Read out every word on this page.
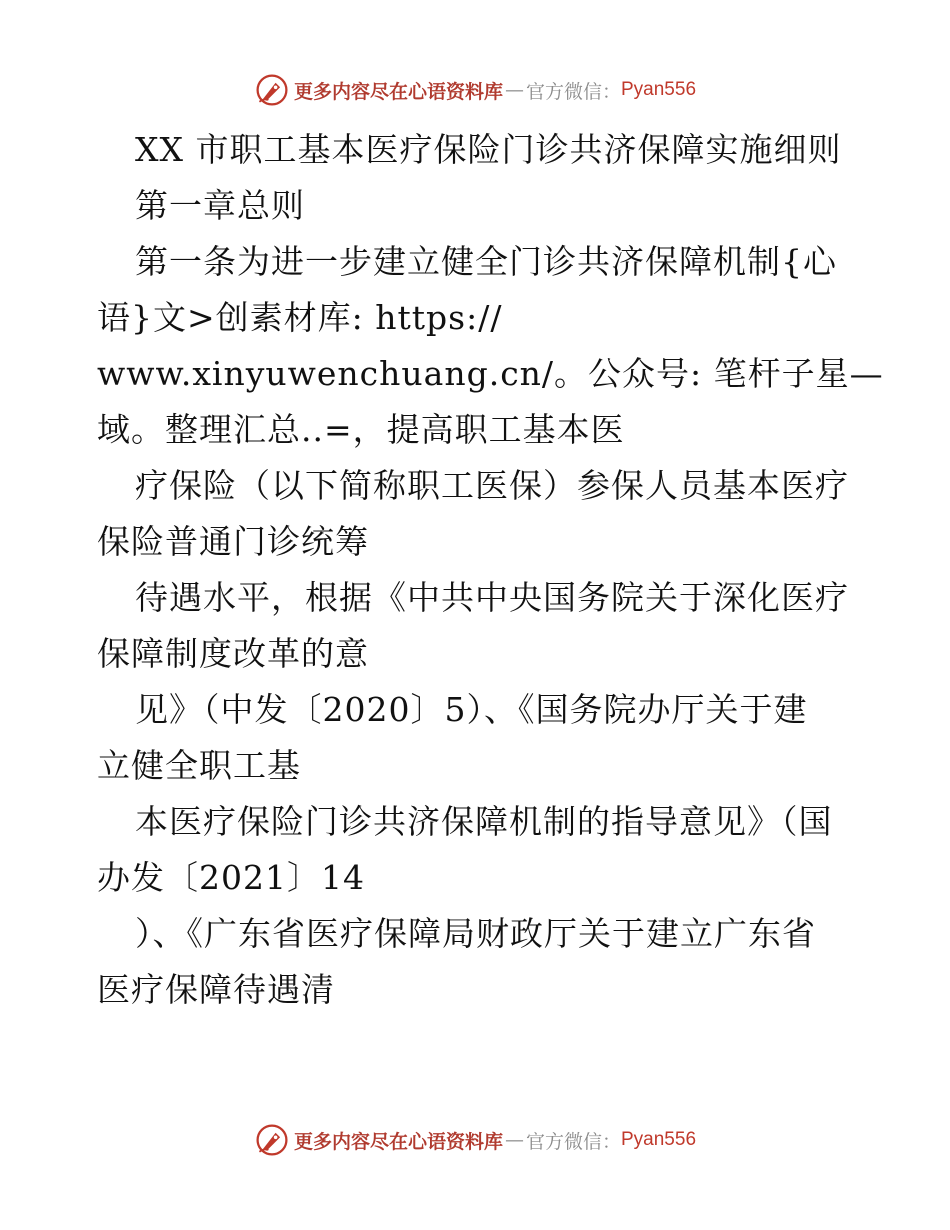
更多内容尽在心语资料库 — 官方微信： Pyan556
XX 市职工基本医疗保险门诊共济保障实施细则
第一章总则
第一条为进一步建立健全门诊共济保障机制{心
语}文>创素材库: https://
www.xinyuwenchuang.cn/。公众号: 笔杆子星—
域。整理汇总..=，提高职工基本医
疗保险（以下简称职工医保）参保人员基本医疗
保险普通门诊统筹
待遇水平，根据《中共中央国务院关于深化医疗
保障制度改革的意
见》（中发〔2020〕5）、《国务院办厅关于建
立健全职工基
本医疗保险门诊共济保障机制的指导意见》（国
办发〔2021〕14
）、《广东省医疗保障局财政厅关于建立广东省
医疗保障待遇清
更多内容尽在心语资料库 — 官方微信： Pyan556
